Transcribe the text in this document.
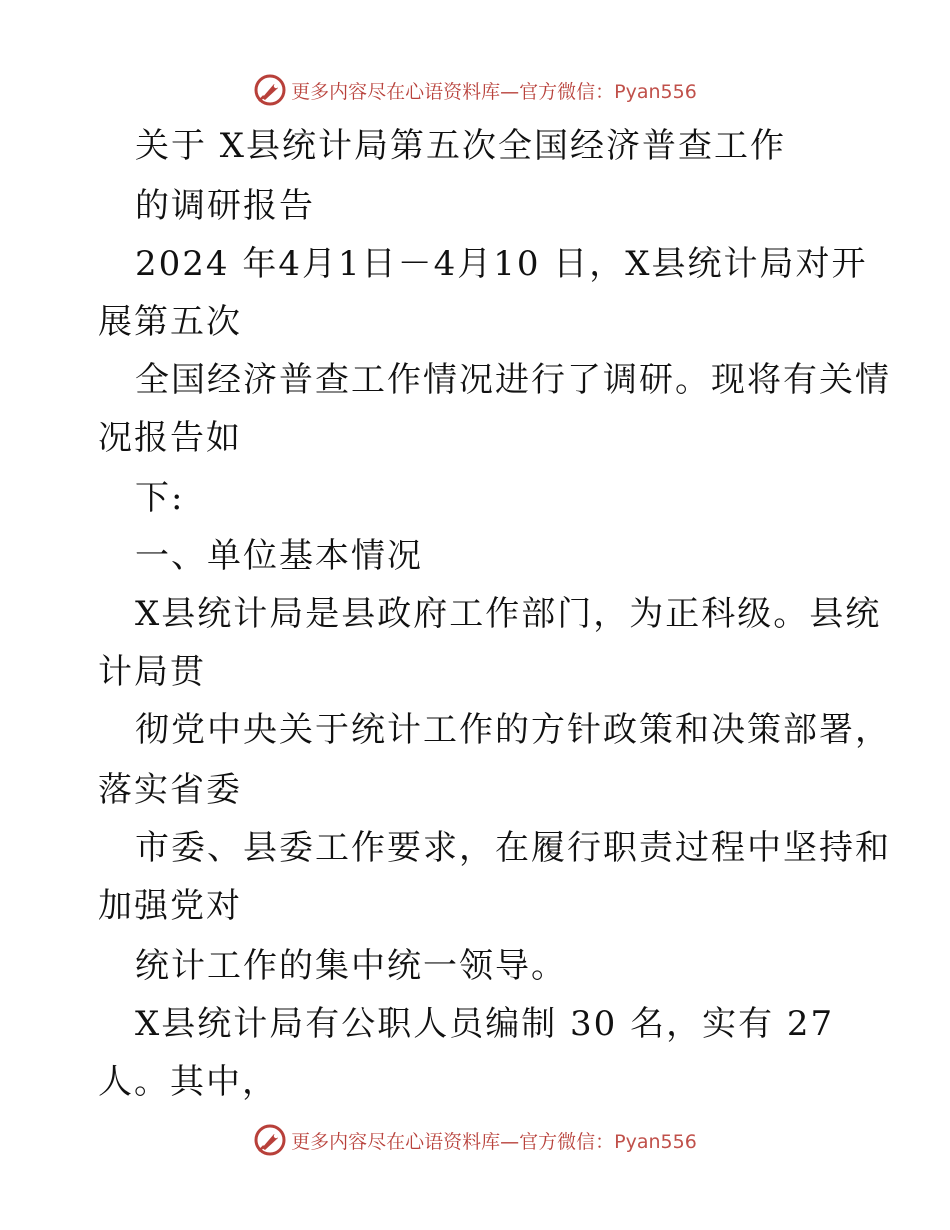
更多内容尽在心语资料库—官方微信：Pyan556
关于 X县统计局第五次全国经济普查工作
的调研报告
2024 年4月1日－4月10 日，X县统计局对开
展第五次
全国经济普查工作情况进行了调研。现将有关情
况报告如
下:
一、单位基本情况
X县统计局是县政府工作部门，为正科级。县统
计局贯
彻党中央关于统计工作的方针政策和决策部署，
落实省委
市委、县委工作要求，在履行职责过程中坚持和
加强党对
统计工作的集中统一领导。
X县统计局有公职人员编制 30 名，实有 27
人。其中，
更多内容尽在心语资料库—官方微信：Pyan556
